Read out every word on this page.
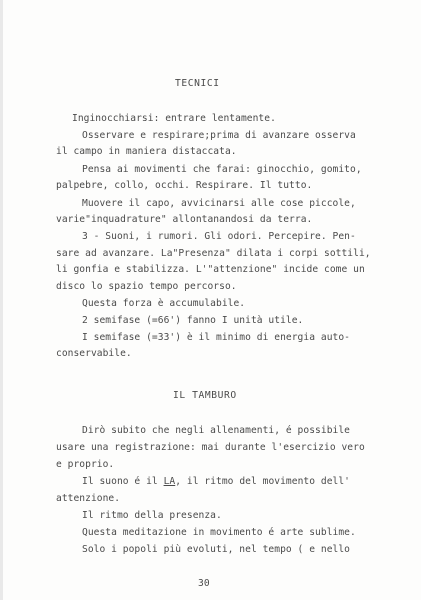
TECNICI
Inginocchiarsi: entrare lentamente.
Osservare e respirare;prima di avanzare osserva
il campo in maniera distaccata.
Pensa ai movimenti che farai: ginocchio, gomito,
palpebre, collo, occhi. Respirare. Il tutto.
Muovere il capo, avvicinarsi alle cose piccole,
varie"inquadrature" allontanandosi da terra.
3 - Suoni, i rumori. Gli odori. Percepire. Pen-
sare ad avanzare. La"Presenza" dilata i corpi sottili,
li gonfia e stabilizza. L'"attenzione" incide come un
disco lo spazio tempo percorso.
Questa forza è accumulabile.
2 semifase (=66') fanno I unità utile.
I semifase (=33') è il minimo di energia auto-
conservabile.
IL TAMBURO
Dirò subito che negli allenamenti, é possibile
usare una registrazione: mai durante l'esercizio vero
e proprio.
Il suono é il LA, il ritmo del movimento dell'
attenzione.
Il ritmo della presenza.
Questa meditazione in movimento é arte sublime.
Solo i popoli più evoluti, nel tempo ( e nello
30
